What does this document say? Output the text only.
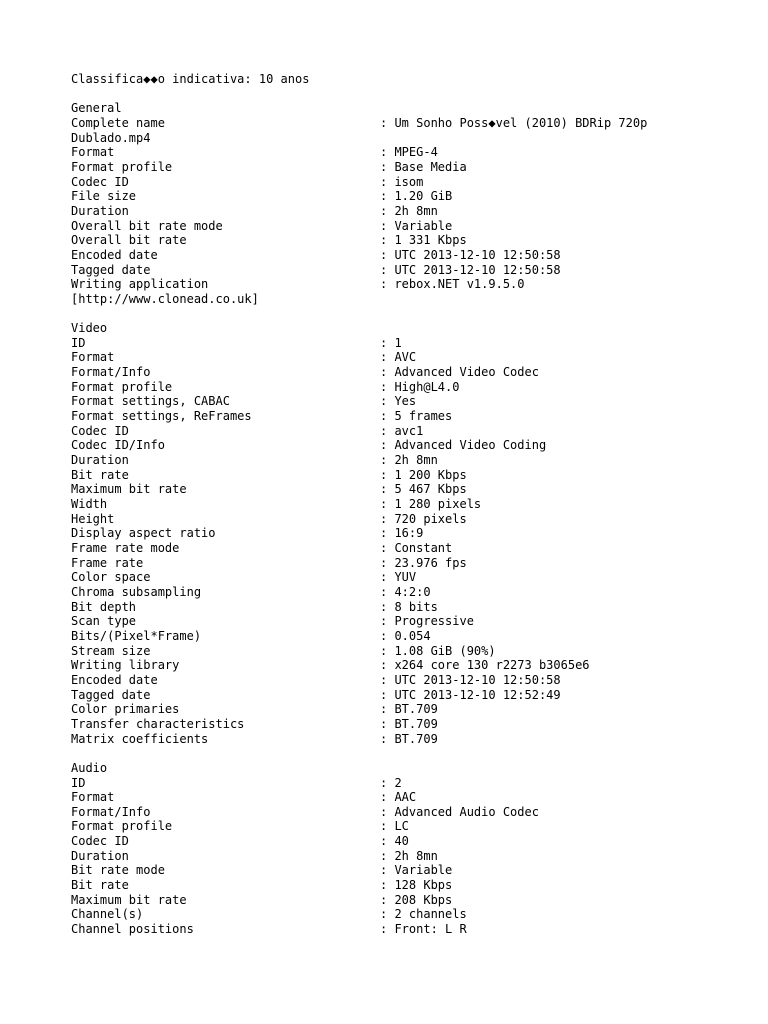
Classifica◆◆o indicativa: 10 anos
General
Complete name	: Um Sonho Poss◆vel (2010) BDRip 720p
Dublado.mp4
Format	: MPEG-4
Format profile	: Base Media
Codec ID	: isom
File size	: 1.20 GiB
Duration	: 2h 8mn
Overall bit rate mode	: Variable
Overall bit rate	: 1 331 Kbps
Encoded date	: UTC 2013-12-10 12:50:58
Tagged date	: UTC 2013-12-10 12:50:58
Writing application	: rebox.NET v1.9.5.0
[http://www.clonead.co.uk]
Video
ID	: 1
Format	: AVC
Format/Info	: Advanced Video Codec
Format profile	: High@L4.0
Format settings, CABAC	: Yes
Format settings, ReFrames	: 5 frames
Codec ID	: avc1
Codec ID/Info	: Advanced Video Coding
Duration	: 2h 8mn
Bit rate	: 1 200 Kbps
Maximum bit rate	: 5 467 Kbps
Width	: 1 280 pixels
Height	: 720 pixels
Display aspect ratio	: 16:9
Frame rate mode	: Constant
Frame rate	: 23.976 fps
Color space	: YUV
Chroma subsampling	: 4:2:0
Bit depth	: 8 bits
Scan type	: Progressive
Bits/(Pixel*Frame)	: 0.054
Stream size	: 1.08 GiB (90%)
Writing library	: x264 core 130 r2273 b3065e6
Encoded date	: UTC 2013-12-10 12:50:58
Tagged date	: UTC 2013-12-10 12:52:49
Color primaries	: BT.709
Transfer characteristics	: BT.709
Matrix coefficients	: BT.709
Audio
ID	: 2
Format	: AAC
Format/Info	: Advanced Audio Codec
Format profile	: LC
Codec ID	: 40
Duration	: 2h 8mn
Bit rate mode	: Variable
Bit rate	: 128 Kbps
Maximum bit rate	: 208 Kbps
Channel(s)	: 2 channels
Channel positions	: Front: L R
